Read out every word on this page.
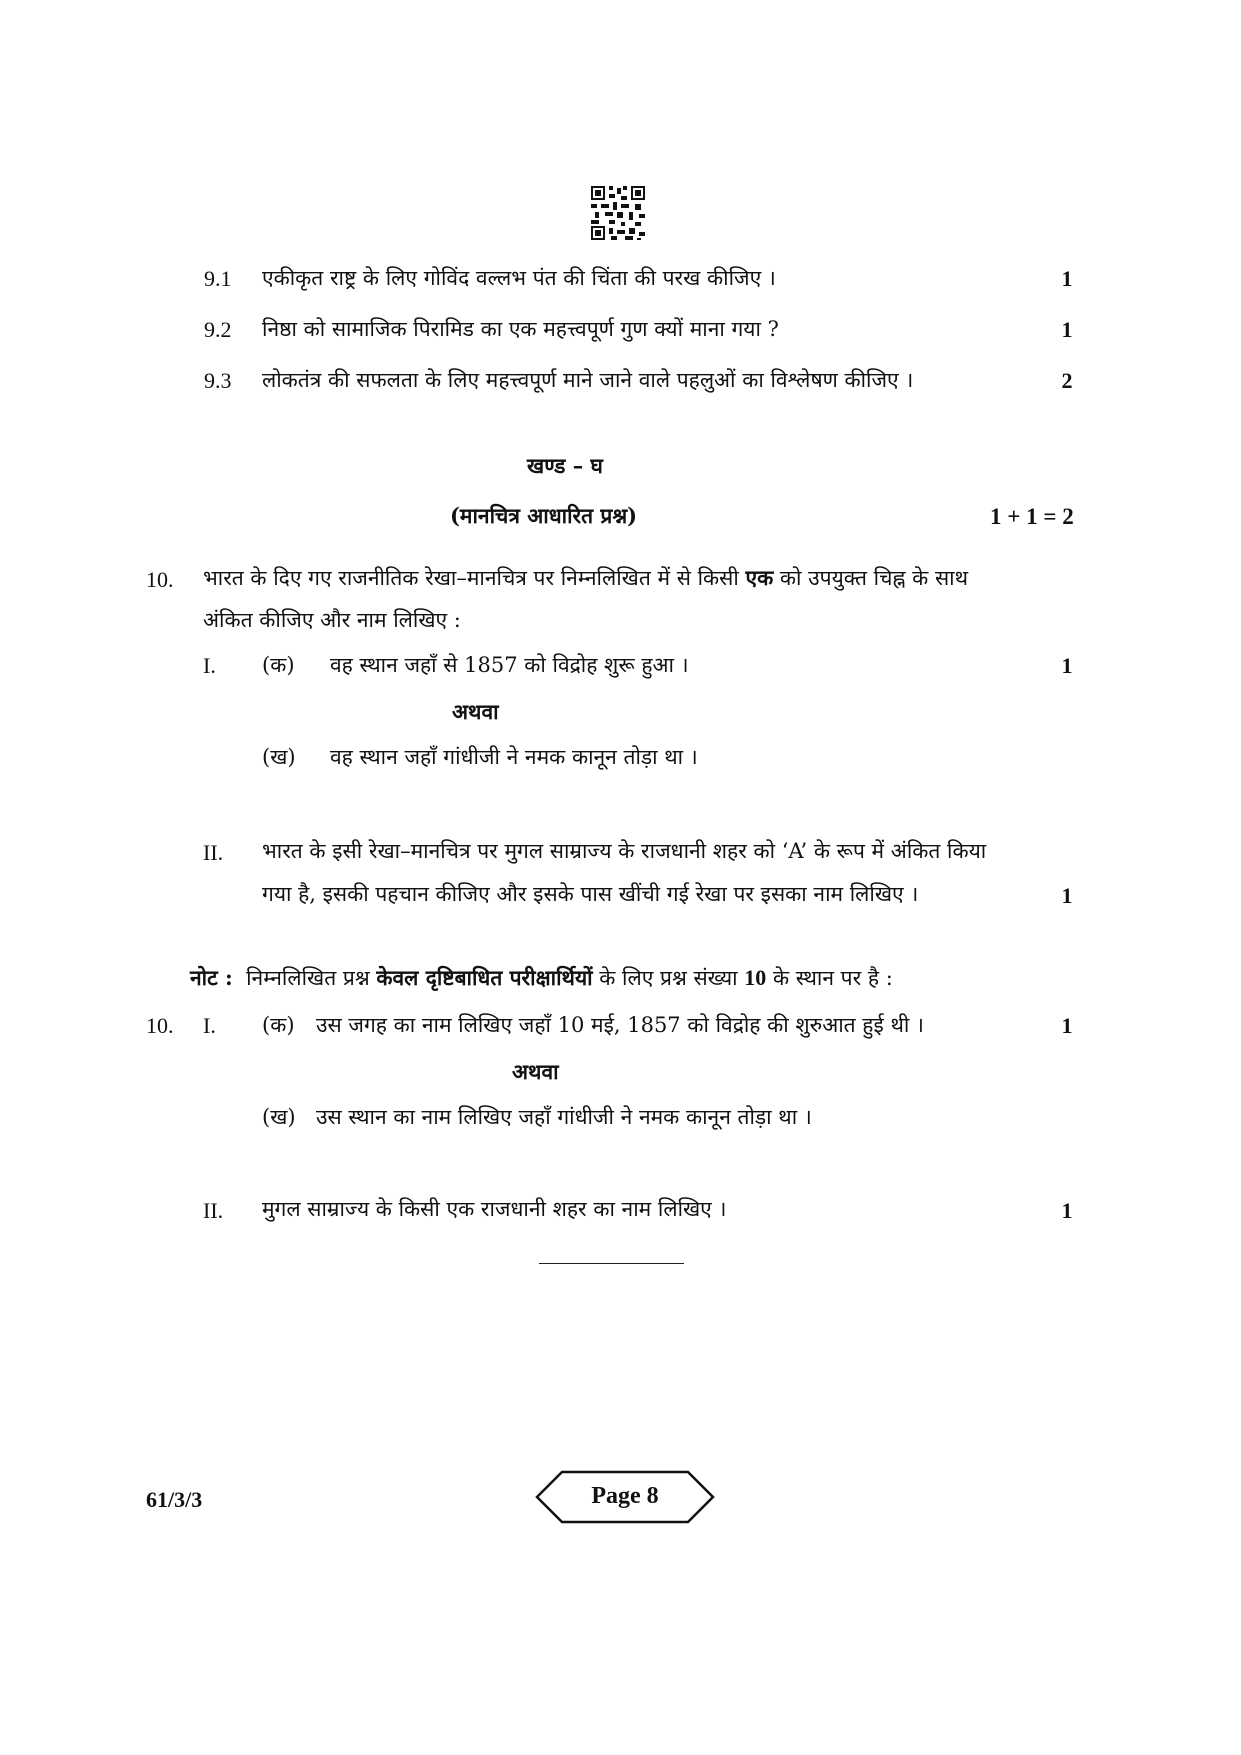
9.1 एकीकृत राष्ट्र के लिए गोविंद वल्लभ पंत की चिंता की परख कीजिए ।	1
9.2 निष्ठा को सामाजिक पिरामिड का एक महत्त्वपूर्ण गुण क्यों माना गया ?	1
9.3 लोकतंत्र की सफलता के लिए महत्त्वपूर्ण माने जाने वाले पहलुओं का विश्लेषण कीजिए ।	2
खण्ड – घ
(मानचित्र आधारित प्रश्न)	1 + 1 = 2
10. भारत के दिए गए राजनीतिक रेखा–मानचित्र पर निम्नलिखित में से किसी एक को उपयुक्त चिह्न के साथ
अंकित कीजिए और नाम लिखिए :
I. (क) वह स्थान जहाँ से 1857 को विद्रोह शुरू हुआ ।	1
अथवा
(ख) वह स्थान जहाँ गांधीजी ने नमक कानून तोड़ा था ।
II. भारत के इसी रेखा–मानचित्र पर मुगल साम्राज्य के राजधानी शहर को ‘A’ के रूप में अंकित किया
गया है, इसकी पहचान कीजिए और इसके पास खींची गई रेखा पर इसका नाम लिखिए ।	1
नोट : निम्नलिखित प्रश्न केवल दृष्टिबाधित परीक्षार्थियों के लिए प्रश्न संख्या 10 के स्थान पर है :
10. I. (क) उस जगह का नाम लिखिए जहाँ 10 मई, 1857 को विद्रोह की शुरुआत हुई थी ।	1
अथवा
(ख) उस स्थान का नाम लिखिए जहाँ गांधीजी ने नमक कानून तोड़ा था ।
II. मुगल साम्राज्य के किसी एक राजधानी शहर का नाम लिखिए ।	1
61/3/3	Page 8
